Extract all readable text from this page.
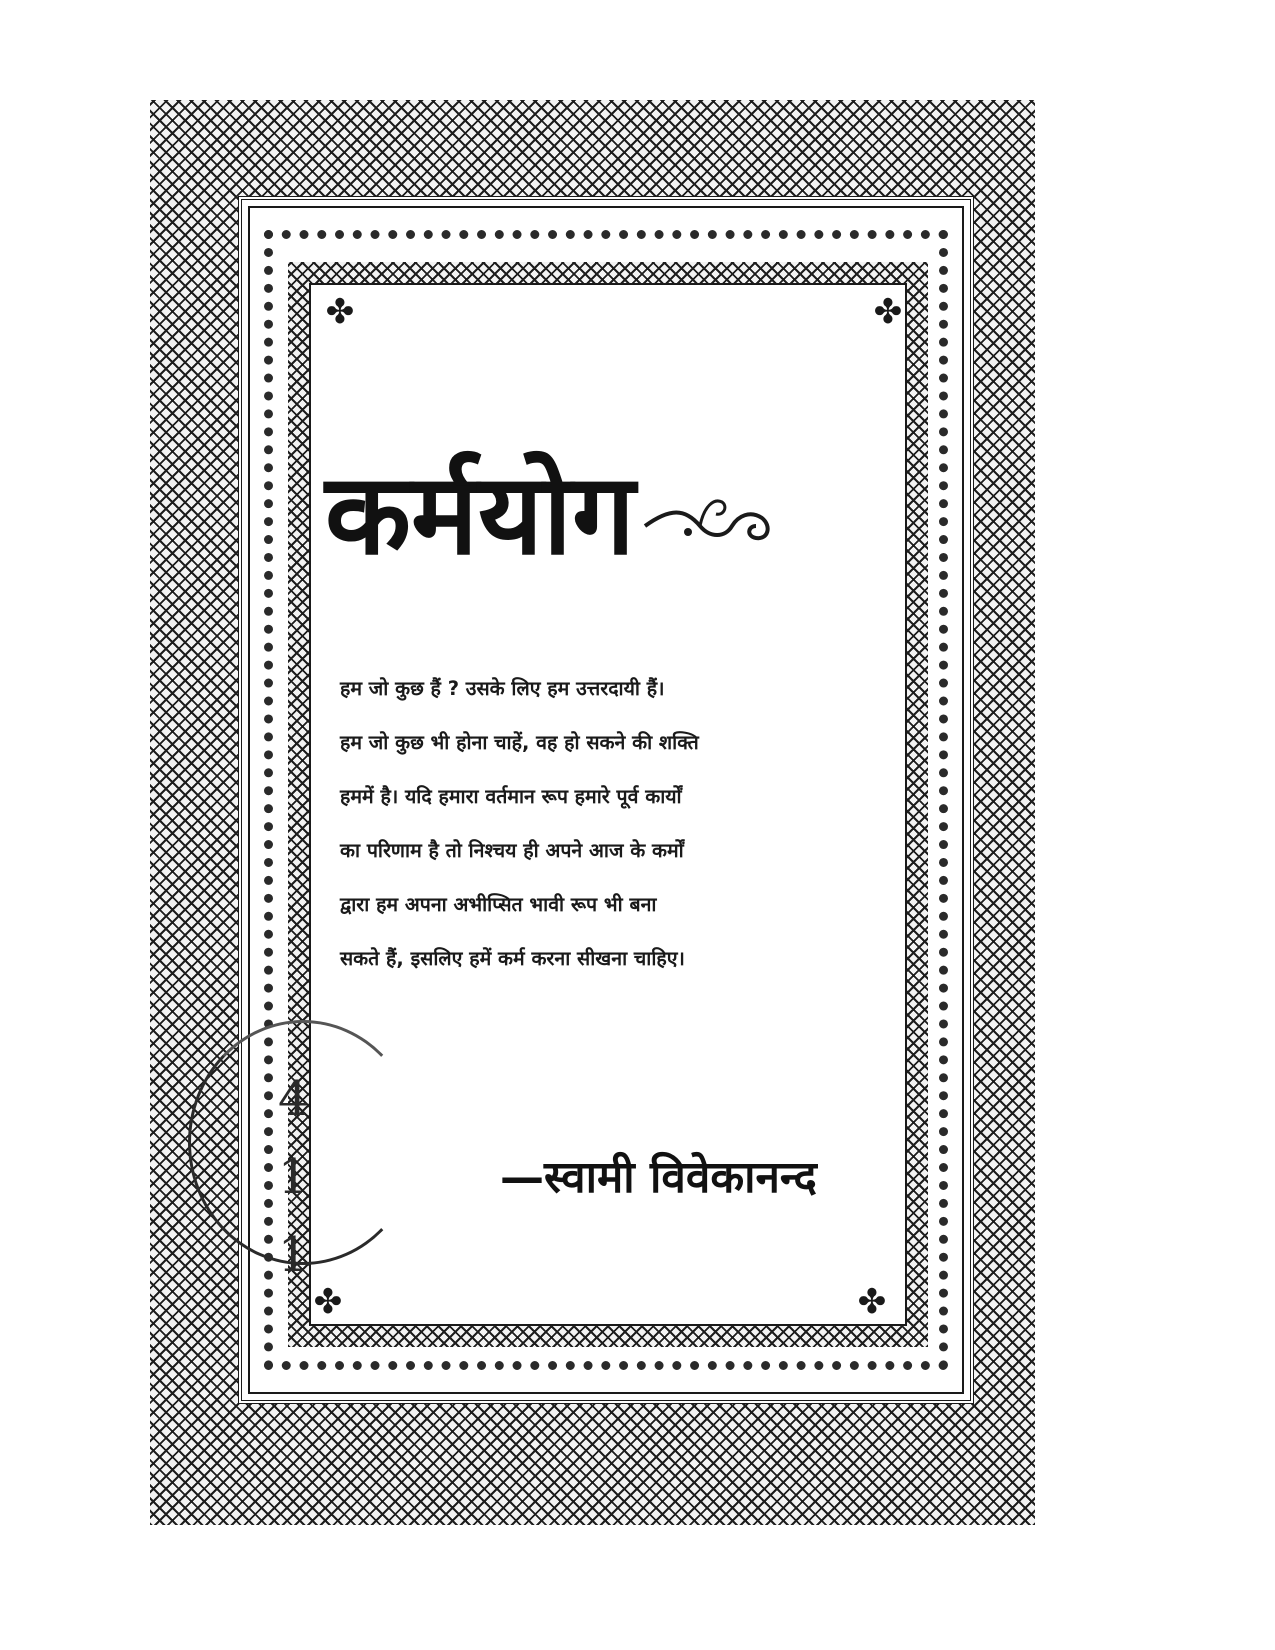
✤	✤
✤	✤
कर्मयोग
हम जो कुछ हैं ? उसके लिए हम उत्तरदायी हैं।
हम जो कुछ भी होना चाहें, वह हो सकने की शक्ति
हममें है। यदि हमारा वर्तमान रूप हमारे पूर्व कार्यों
का परिणाम है तो निश्चय ही अपने आज के कर्मों
द्वारा हम अपना अभीप्सित भावी रूप भी बना
सकते हैं, इसलिए हमें कर्म करना सीखना चाहिए।
—स्वामी विवेकानन्द
4
1
1
